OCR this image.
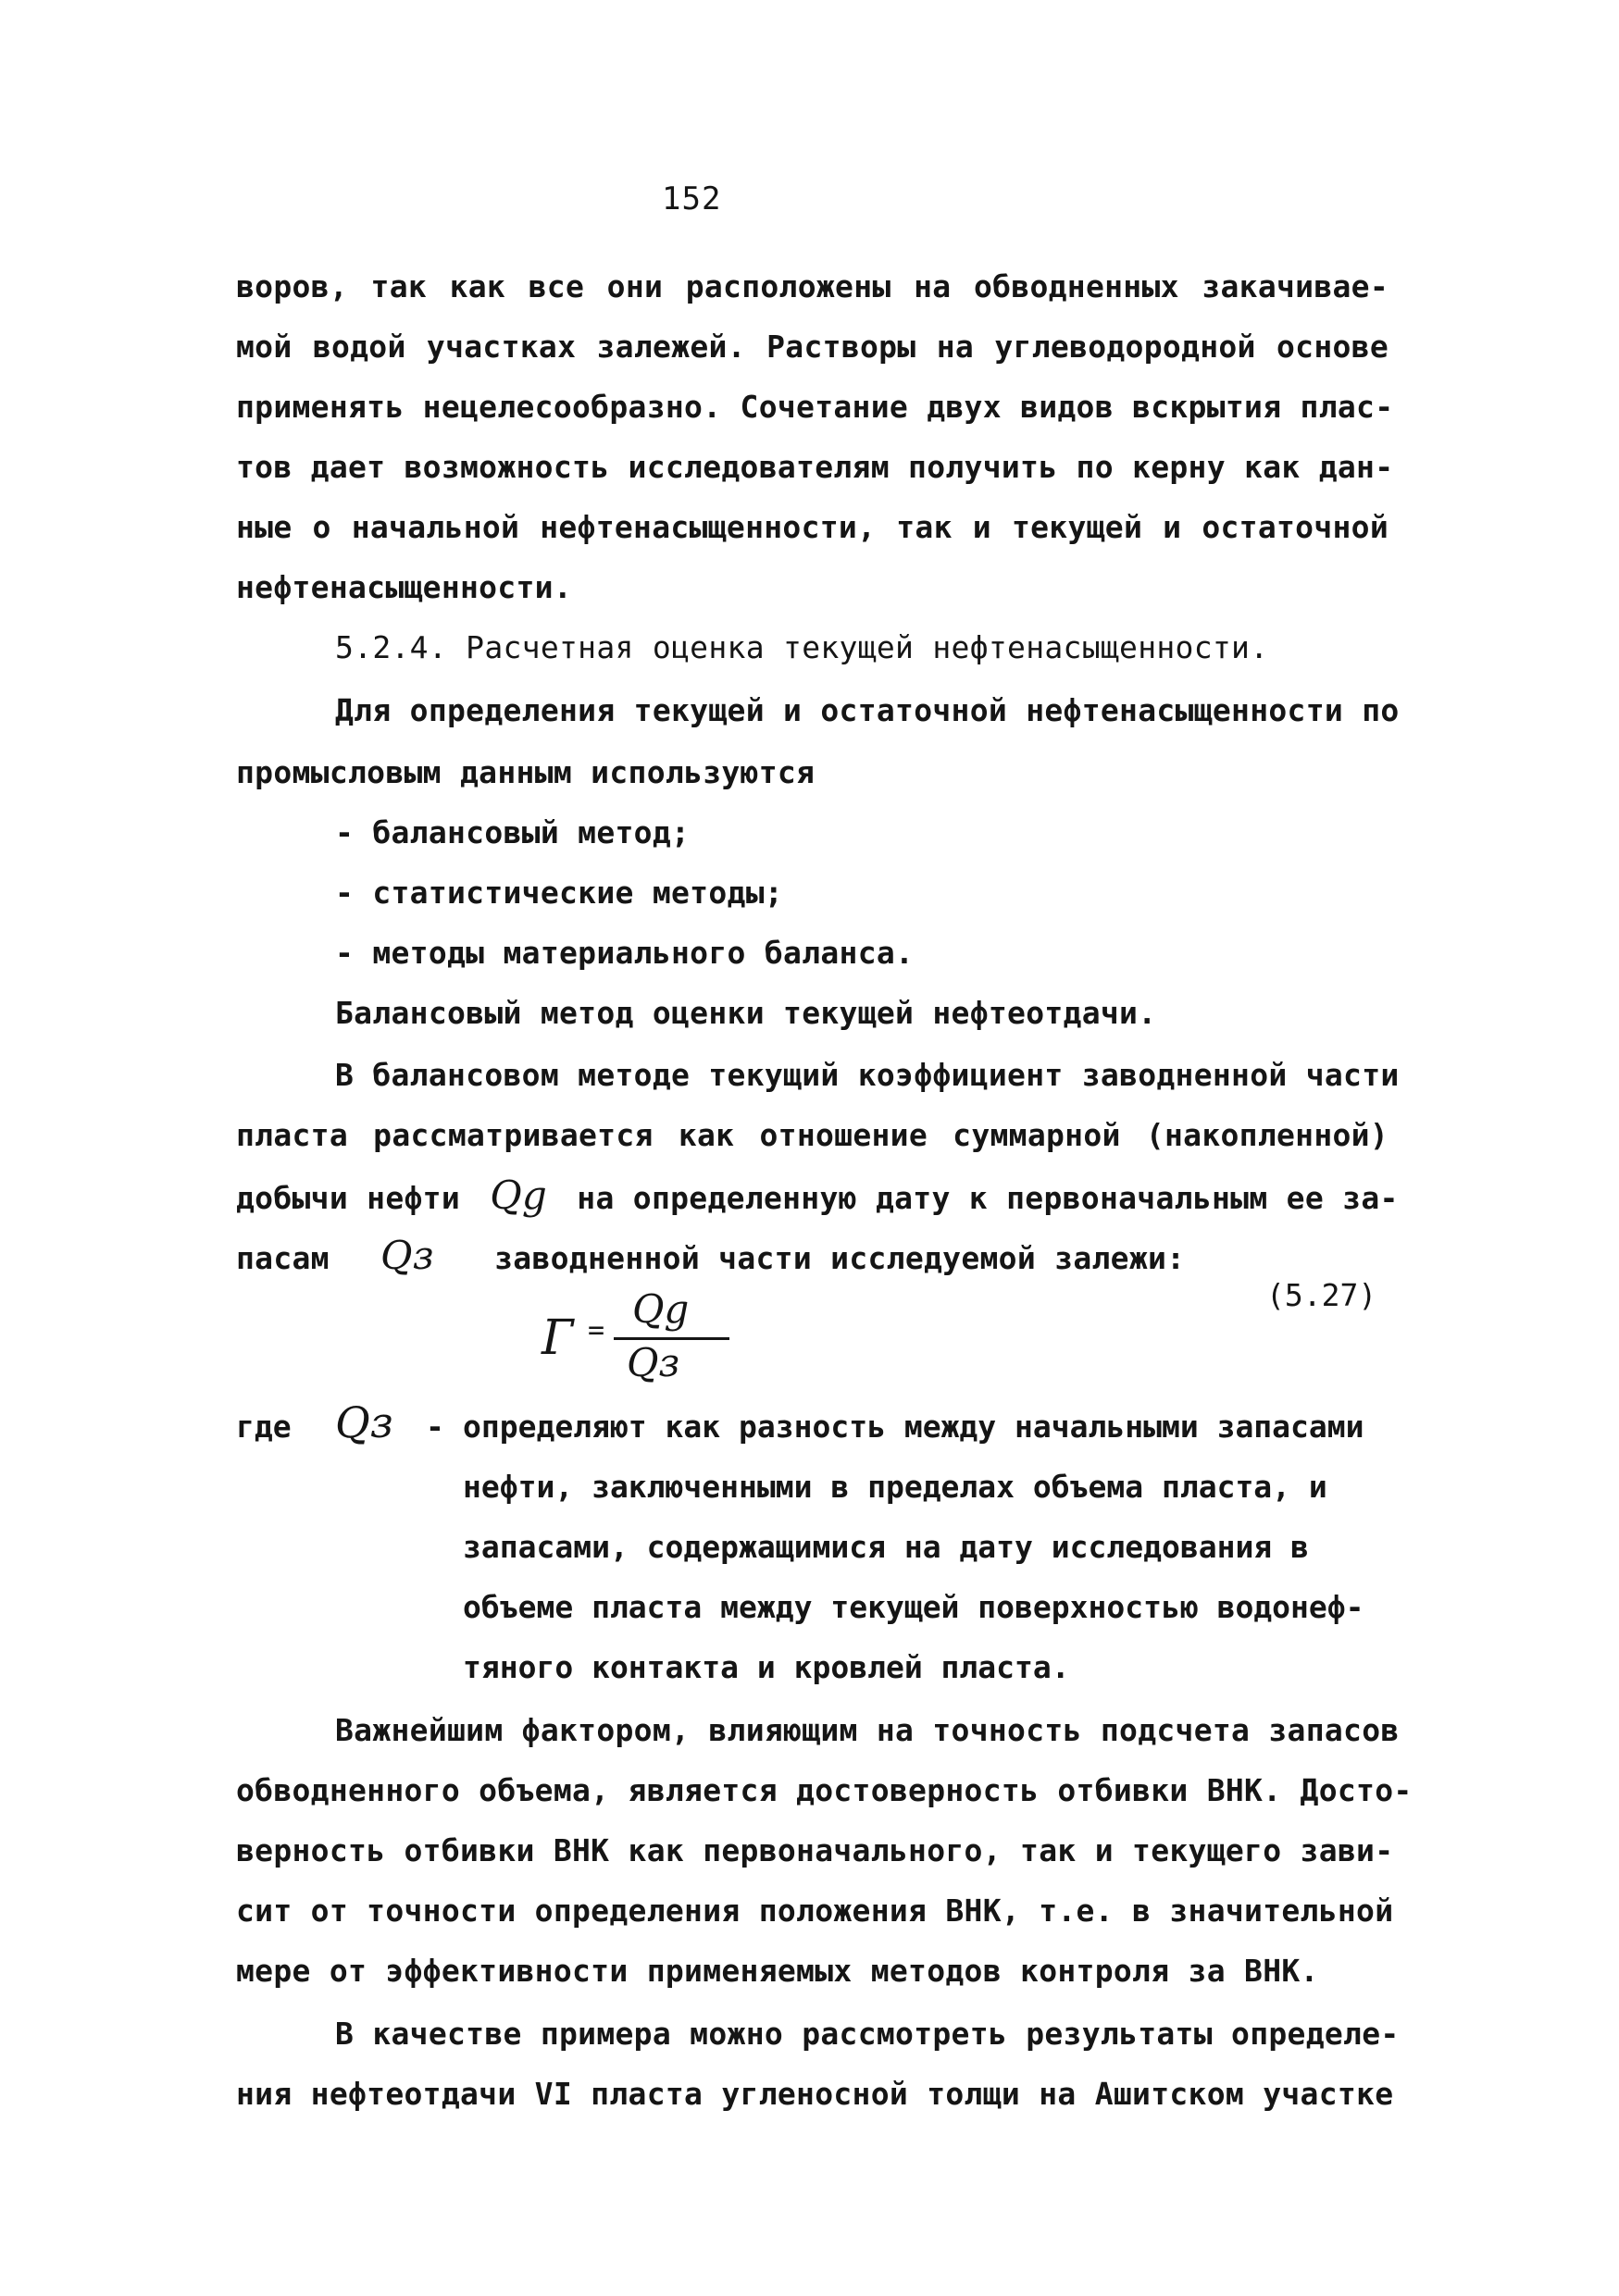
152
воров, так как все они расположены на обводненных закачивае-
мой водой участках залежей. Растворы на углеводородной основе
применять нецелесообразно. Сочетание двух видов вскрытия плас-
тов дает возможность исследователям получить по керну как дан-
ные о начальной нефтенасыщенности, так и текущей и остаточной
нефтенасыщенности.
5.2.4. Расчетная оценка текущей нефтенасыщенности.
Для определения текущей и остаточной нефтенасыщенности по
промысловым данным используются
- балансовый метод;
- статистические методы;
- методы материального баланса.
Балансовый метод оценки текущей нефтеотдачи.
В балансовом методе текущий коэффициент заводненной части
пласта рассматривается как отношение суммарной (накопленной)
добычи нефти Qg на определенную дату к первоначальным ее за-
пасам Qз заводненной части исследуемой залежи:
Г = Qg
Qз
(5.27)
где Qз - определяют как разность между начальными запасами
нефти, заключенными в пределах объема пласта, и
запасами, содержащимися на дату исследования в
объеме пласта между текущей поверхностью водонеф-
тяного контакта и кровлей пласта.
Важнейшим фактором, влияющим на точность подсчета запасов
обводненного объема, является достоверность отбивки ВНК. Досто-
верность отбивки ВНК как первоначального, так и текущего зави-
сит от точности определения положения ВНК, т.е. в значительной
мере от эффективности применяемых методов контроля за ВНК.
В качестве примера можно рассмотреть результаты определе-
ния нефтеотдачи VI пласта угленосной толщи на Ашитском участке
